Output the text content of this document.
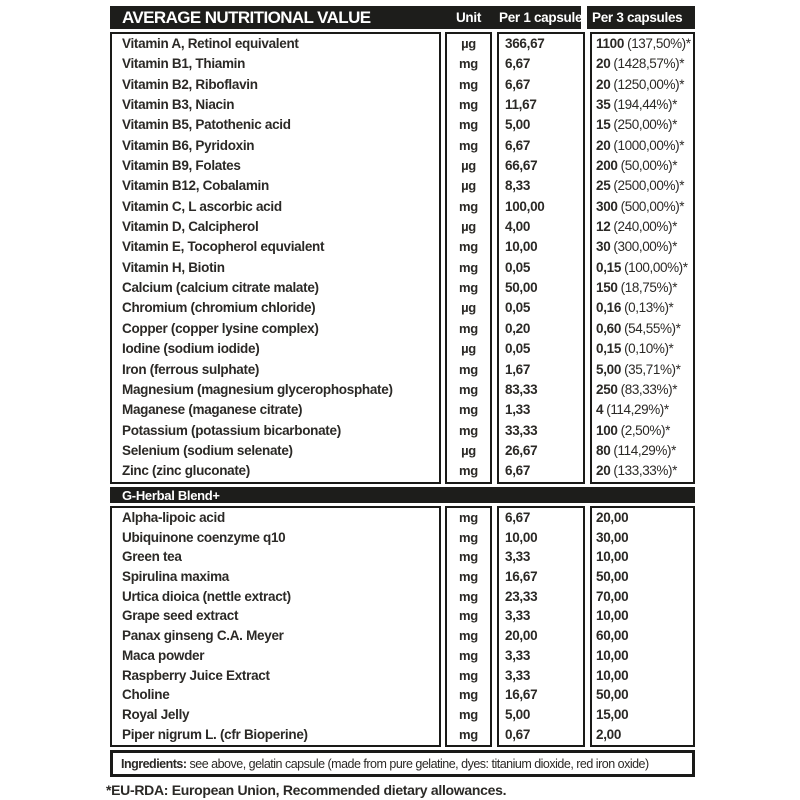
AVERAGE NUTRITIONAL VALUE	Unit	Per 1 capsule Per 3 capsules
Vitamin A, Retinol equivalent
Vitamin B1, Thiamin
Vitamin B2, Riboflavin
Vitamin B3, Niacin
Vitamin B5, Patothenic acid
Vitamin B6, Pyridoxin
Vitamin B9, Folates
Vitamin B12, Cobalamin
Vitamin C, L ascorbic acid
Vitamin D, Calcipherol
Vitamin E, Tocopherol equvialent
Vitamin H, Biotin
Calcium (calcium citrate malate)
Chromium (chromium chloride)
Copper (copper lysine complex)
Iodine (sodium iodide)
Iron (ferrous sulphate)
Magnesium (magnesium glycerophosphate)
Maganese (maganese citrate)
Potassium (potassium bicarbonate)
Selenium (sodium selenate)
Zinc (zinc gluconate)
µg
mg
mg
mg
mg
mg
µg
µg
mg
µg
mg
mg
mg
µg
mg
µg
mg
mg
mg
mg
µg
mg
366,67
6,67
6,67
11,67
5,00
6,67
66,67
8,33
100,00
4,00
10,00
0,05
50,00
0,05
0,20
0,05
1,67
83,33
1,33
33,33
26,67
6,67
1100 (137,50%)*
20 (1428,57%)*
20 (1250,00%)*
35 (194,44%)*
15 (250,00%)*
20 (1000,00%)*
200 (50,00%)*
25 (2500,00%)*
300 (500,00%)*
12 (240,00%)*
30 (300,00%)*
0,15 (100,00%)*
150 (18,75%)*
0,16 (0,13%)*
0,60 (54,55%)*
0,15 (0,10%)*
5,00 (35,71%)*
250 (83,33%)*
4 (114,29%)*
100 (2,50%)*
80 (114,29%)*
20 (133,33%)*
G-Herbal Blend+
Alpha-lipoic acid
Ubiquinone coenzyme q10
Green tea
Spirulina maxima
Urtica dioica (nettle extract)
Grape seed extract
Panax ginseng C.A. Meyer
Maca powder
Raspberry Juice Extract
Choline
Royal Jelly
Piper nigrum L. (cfr Bioperine)
mg
mg
mg
mg
mg
mg
mg
mg
mg
mg
mg
mg
6,67
10,00
3,33
16,67
23,33
3,33
20,00
3,33
3,33
16,67
5,00
0,67
20,00
30,00
10,00
50,00
70,00
10,00
60,00
10,00
10,00
50,00
15,00
2,00
Ingredients: see above, gelatin capsule (made from pure gelatine, dyes: titanium dioxide, red iron oxide)
*EU-RDA: European Union, Recommended dietary allowances.
